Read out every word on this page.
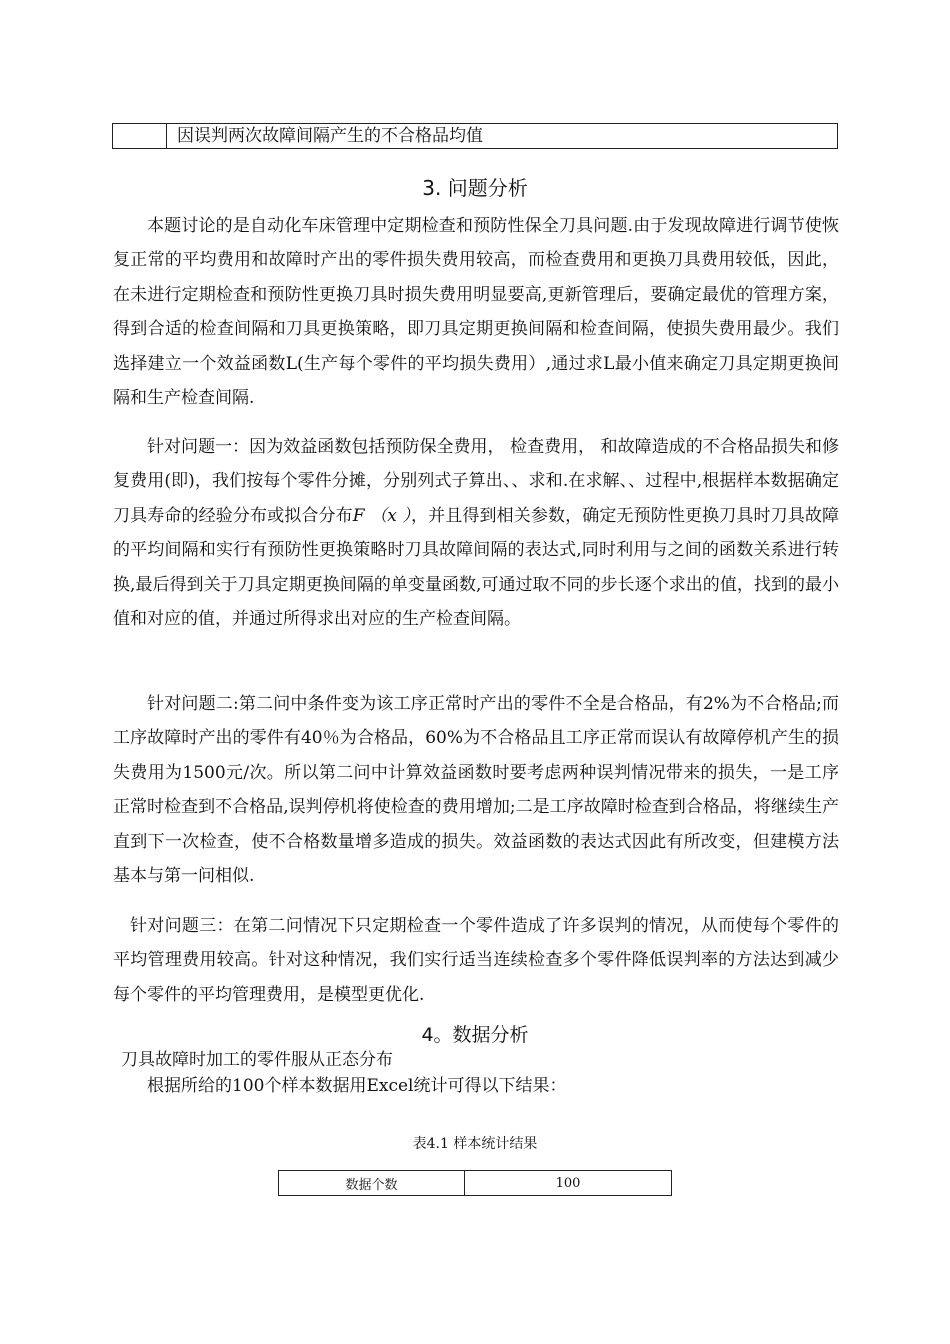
因误判两次故障间隔产生的不合格品均值
3. 问题分析

本题讨论的是自动化车床管理中定期检查和预防性保全刀具问题.由于发现故障进行调节使恢复正常的平均费用和故障时产出的零件损失费用较高，而检查费用和更换刀具费用较低，因此，在未进行定期检查和预防性更换刀具时损失费用明显要高,更新管理后，要确定最优的管理方案，得到合适的检查间隔和刀具更换策略，即刀具定期更换间隔和检查间隔，使损失费用最少。我们选择建立一个效益函数L(生产每个零件的平均损失费用）,通过求L最小值来确定刀具定期更换间隔和生产检查间隔.

针对问题一：因为效益函数包括预防保全费用， 检查费用， 和故障造成的不合格品损失和修复费用(即)，我们按每个零件分摊，分别列式子算出、、求和.在求解、、过程中,根据样本数据确定刀具寿命的经验分布或拟合分布F （x ），并且得到相关参数，确定无预防性更换刀具时刀具故障的平均间隔和实行有预防性更换策略时刀具故障间隔的表达式,同时利用与之间的函数关系进行转换,最后得到关于刀具定期更换间隔的单变量函数,可通过取不同的步长逐个求出的值，找到的最小值和对应的值，并通过所得求出对应的生产检查间隔。

针对问题二:第二问中条件变为该工序正常时产出的零件不全是合格品，有2%为不合格品;而工序故障时产出的零件有40％为合格品，60%为不合格品且工序正常而误认有故障停机产生的损失费用为1500元/次。所以第二问中计算效益函数时要考虑两种误判情况带来的损失，一是工序正常时检查到不合格品,误判停机将使检查的费用增加;二是工序故障时检查到合格品，将继续生产直到下一次检查，使不合格数量增多造成的损失。效益函数的表达式因此有所改变，但建模方法基本与第一问相似.

针对问题三：在第二问情况下只定期检查一个零件造成了许多误判的情况，从而使每个零件的平均管理费用较高。针对这种情况，我们实行适当连续检查多个零件降低误判率的方法达到减少每个零件的平均管理费用，是模型更优化.

4。数据分析
刀具故障时加工的零件服从正态分布

根据所给的100个样本数据用Excel统计可得以下结果：

表4.1 样本统计结果
数据个数	100
